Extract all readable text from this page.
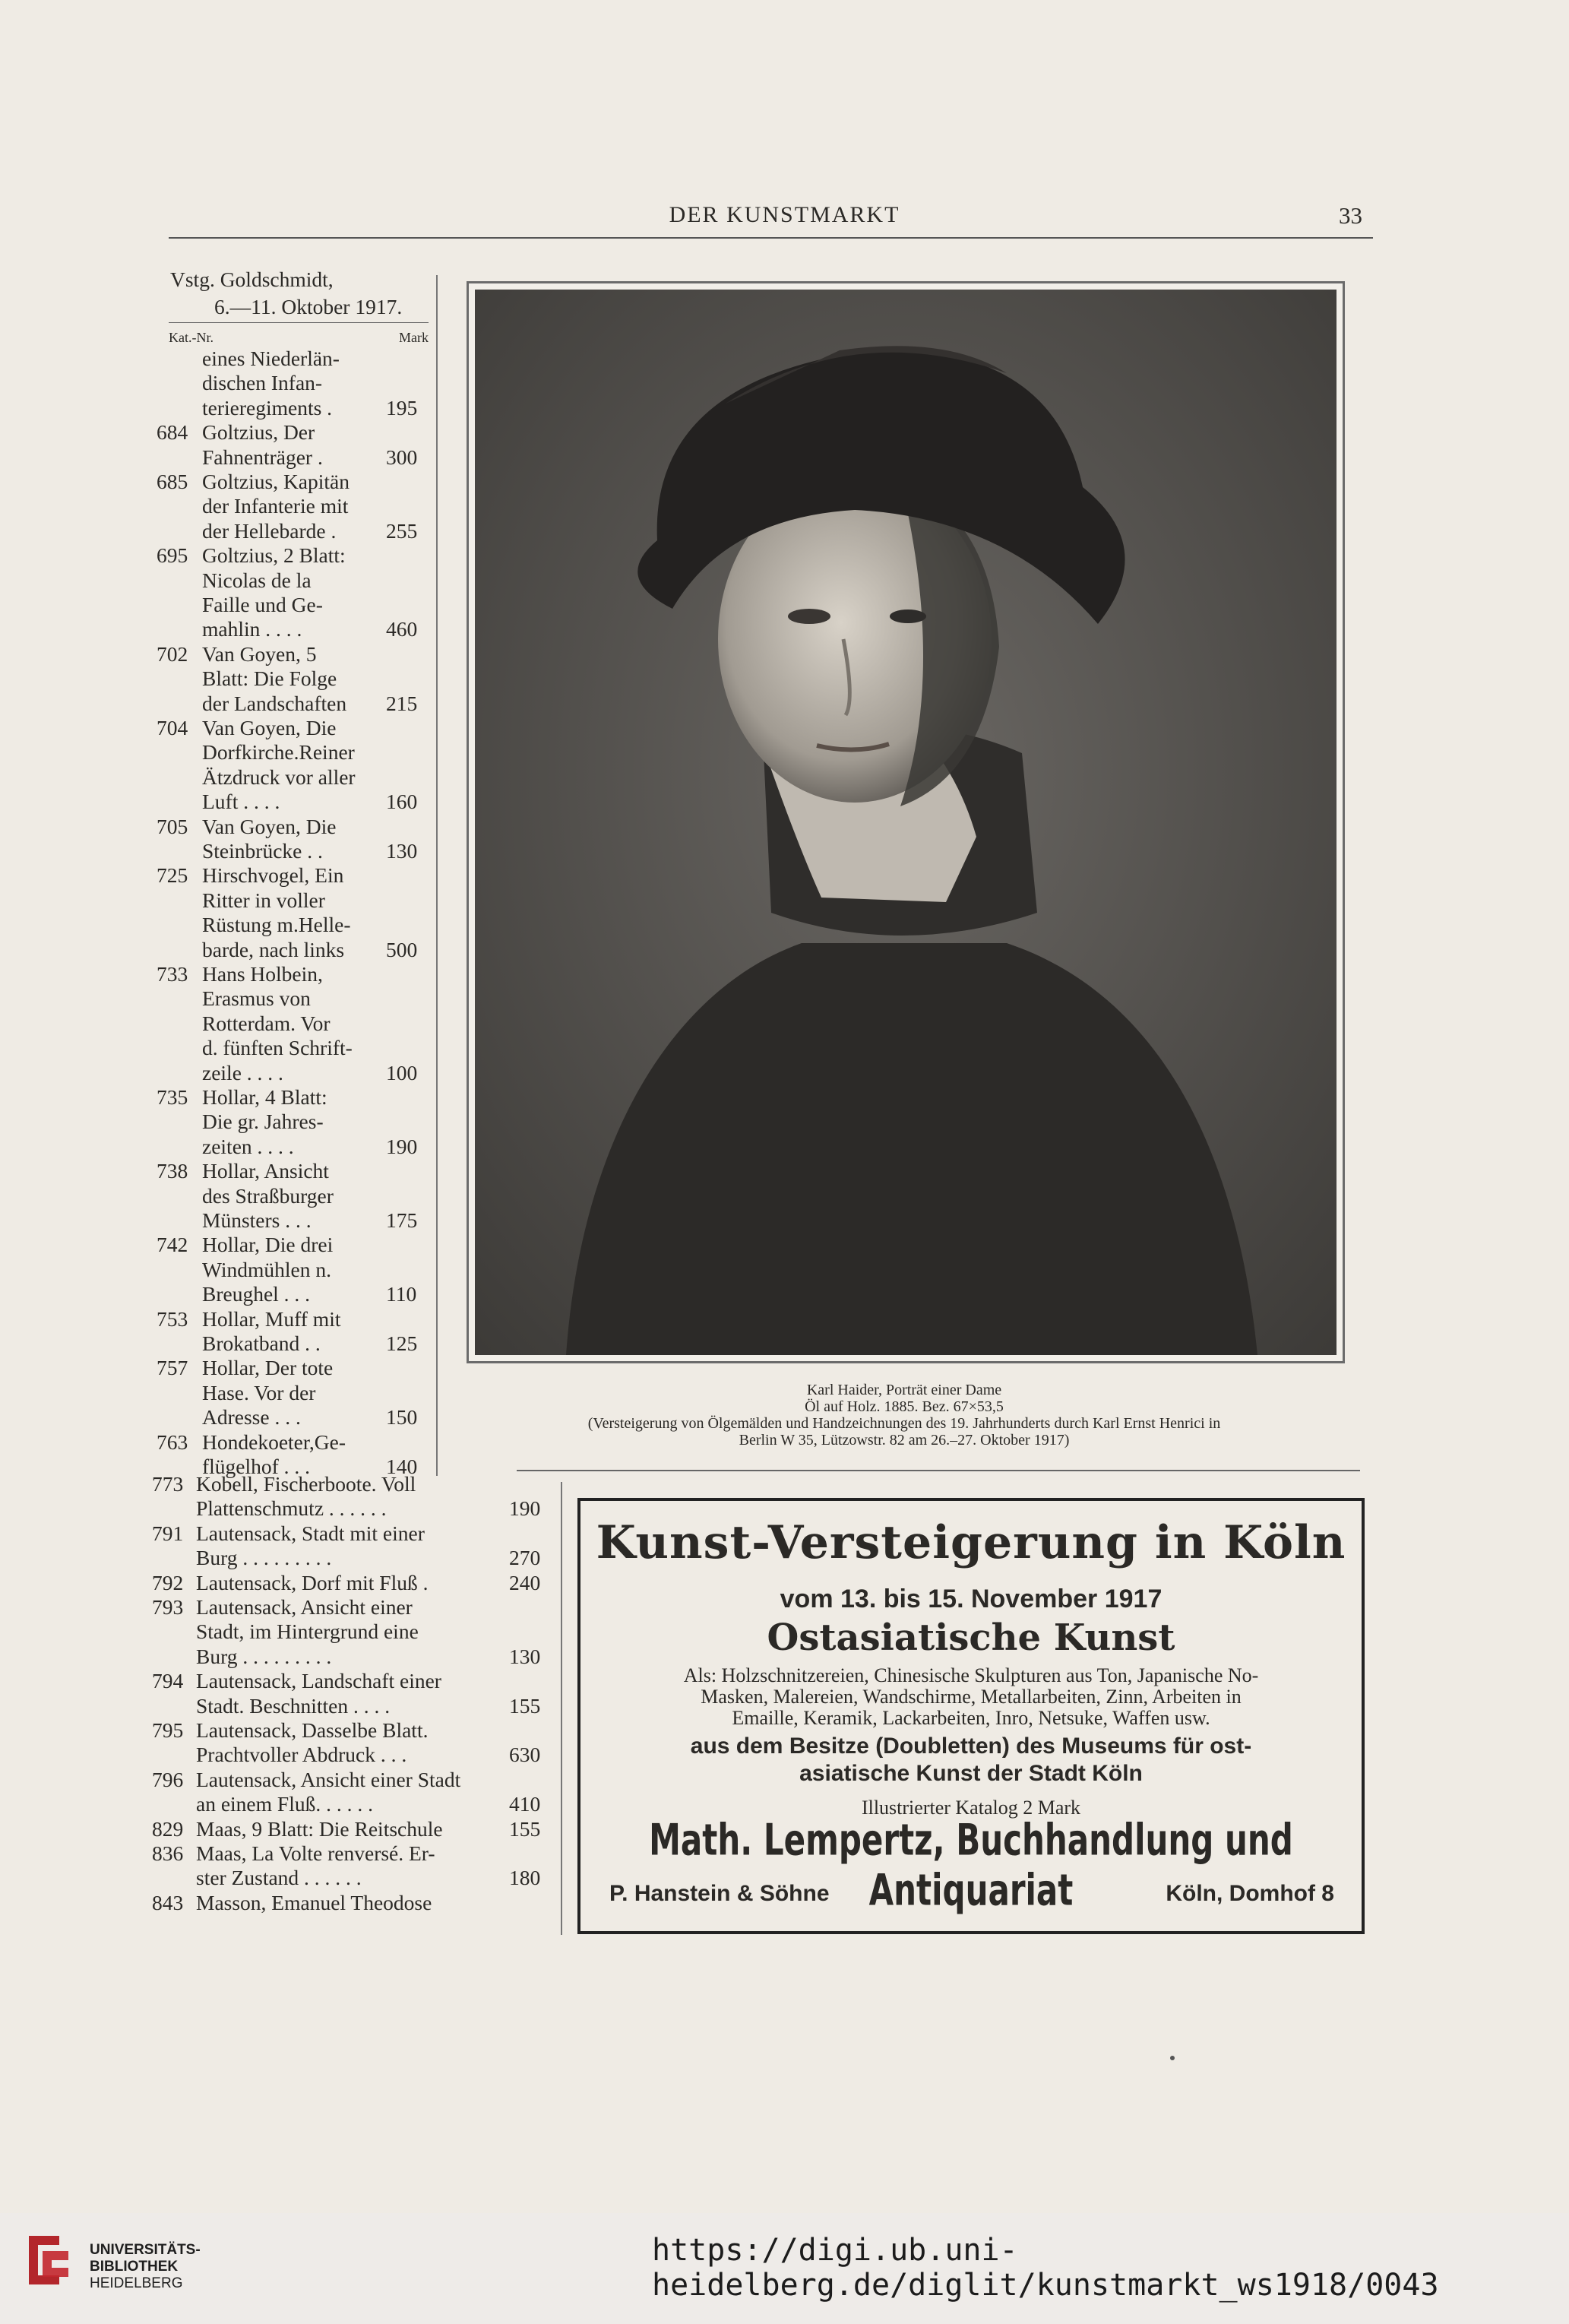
DER KUNSTMARKT	33
Vstg. Goldschmidt,
6.—11. Oktober 1917.
Kat.-Nr.	Mark
eines Niederlän-
dischen Infan-
terieregiments .	195
684 Goltzius, Der
Fahnenträger .	300
685 Goltzius, Kapitän
der Infanterie mit
der Hellebarde . 255
695 Goltzius, 2 Blatt:
Nicolas de la
Faille und Ge-
mahlin . . . .	460
702 Van Goyen, 5
Blatt: Die Folge
der Landschaften 215
704 Van Goyen, Die
Dorfkirche.Reiner
Ätzdruck vor aller
Luft . . . .	160
705 Van Goyen, Die
Steinbrücke . .	130
725 Hirschvogel, Ein
Ritter in voller
Rüstung m.Helle-
barde, nach links 500
733 Hans Holbein,
Erasmus von
Rotterdam. Vor
d. fünften Schrift-
zeile . . . .	100
735 Hollar, 4 Blatt:
Die gr. Jahres-
zeiten . . . .	190
738 Hollar, Ansicht
des Straßburger
Münsters . . .	175
742 Hollar, Die drei
Windmühlen n.
Breughel . . .	110
753 Hollar, Muff mit
Brokatband . .	125
757 Hollar, Der tote
Hase. Vor der
Adresse . . .	150
763 Hondekoeter,Ge-
flügelhof . . .	140
773 Kobell, Fischerboote. Voll
Plattenschmutz . . . . . .	190
791 Lautensack, Stadt mit einer
Burg . . . . . . . . .	270
792 Lautensack, Dorf mit Fluß .	240
793 Lautensack, Ansicht einer
Stadt, im Hintergrund eine
Burg . . . . . . . . .	130
794 Lautensack, Landschaft einer
Stadt. Beschnitten . . . .	155
795 Lautensack, Dasselbe Blatt.
Prachtvoller Abdruck . . .	630
796 Lautensack, Ansicht einer Stadt
an einem Fluß. . . . . .	410
829 Maas, 9 Blatt: Die Reitschule	155
836 Maas, La Volte renversé. Er-
ster Zustand . . . . . .	180
843 Masson, Emanuel Theodose
Karl Haider, Porträt einer Dame
Öl auf Holz. 1885. Bez. 67×53,5
(Versteigerung von Ölgemälden und Handzeichnungen des 19. Jahrhunderts durch Karl Ernst Henrici in
Berlin W 35, Lützowstr. 82 am 26.–27. Oktober 1917)
Kunst-Versteigerung in Köln
vom 13. bis 15. November 1917
Ostasiatische Kunst
Als: Holzschnitzereien, Chinesische Skulpturen aus Ton, Japanische No-
Masken, Malereien, Wandschirme, Metallarbeiten, Zinn, Arbeiten in
Emaille, Keramik, Lackarbeiten, Inro, Netsuke, Waffen usw.
aus dem Besitze (Doubletten) des Museums für ost-
asiatische Kunst der Stadt Köln
Illustrierter Katalog 2 Mark
Math. Lempertz, Buchhandlung und Antiquariat
P. Hanstein & Söhne	Köln, Domhof 8
UNIVERSITÄTS-
BIBLIOTHEK
HEIDELBERG
https://digi.ub.uni-heidelberg.de/diglit/kunstmarkt_ws1918/0043
